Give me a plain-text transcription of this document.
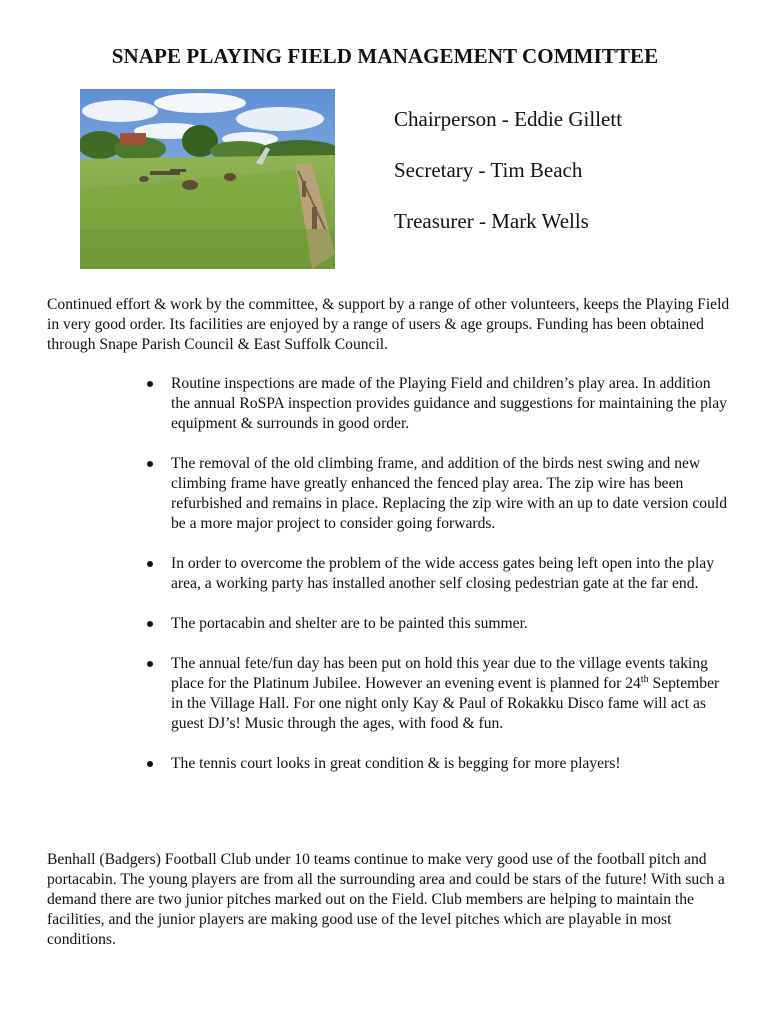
SNAPE PLAYING FIELD MANAGEMENT COMMITTEE
Chairperson - Eddie Gillett
Secretary - Tim Beach
Treasurer - Mark Wells
Continued effort & work by the committee, & support by a range of other volunteers, keeps the Playing Field in very good order. Its facilities are enjoyed by a range of users & age groups. Funding has been obtained through Snape Parish Council & East Suffolk Council.
Routine inspections are made of the Playing Field and children’s play area. In addition the annual RoSPA inspection provides guidance and suggestions for maintaining the play equipment & surrounds in good order.
The removal of the old climbing frame, and addition of the birds nest swing and new climbing frame have greatly enhanced the fenced play area. The zip wire has been refurbished and remains in place. Replacing the zip wire with an up to date version could be a more major project to consider going forwards.
In order to overcome the problem of the wide access gates being left open into the play area, a working party has installed another self closing pedestrian gate at the far end.
The portacabin and shelter are to be painted this summer.
The annual fete/fun day has been put on hold this year due to the village events taking place for the Platinum Jubilee. However an evening event is planned for 24th September in the Village Hall. For one night only Kay & Paul of Rokakku Disco fame will act as guest DJ’s! Music through the ages, with food & fun.
The tennis court looks in great condition & is begging for more players!
Benhall (Badgers) Football Club under 10 teams continue to make very good use of the football pitch and portacabin. The young players are from all the surrounding area and could be stars of the future! With such a demand there are two junior pitches marked out on the Field. Club members are helping to maintain the facilities, and the junior players are making good use of the level pitches which are playable in most conditions.
